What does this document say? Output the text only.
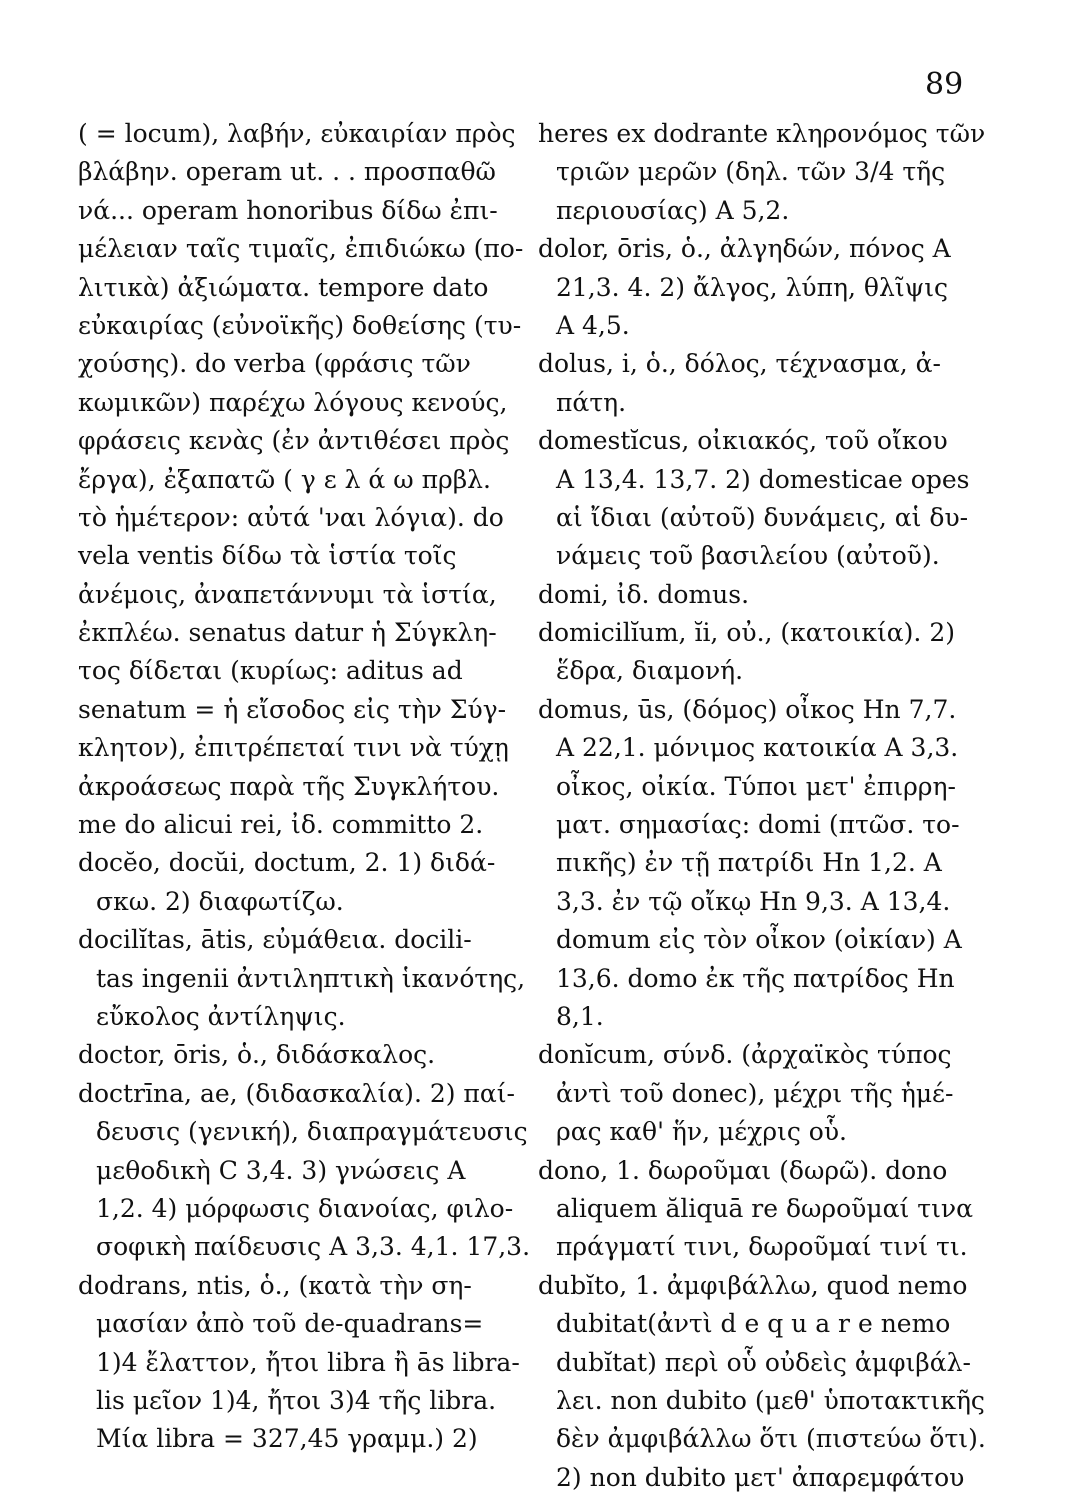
89
( = locum), λαβήν, εὐκαιρίαν πρὸς
βλάβην. operam ut. . . προσπαθῶ
νά... operam honoribus δίδω ἐπι-
μέλειαν ταῖς τιμαῖς, ἐπιδιώκω (πο-
λιτικὰ) ἀξιώματα. tempore dato
εὐκαιρίας (εὐνοϊκῆς) δοθείσης (τυ-
χούσης). do verba (φράσις τῶν
κωμικῶν) παρέχω λόγους κενούς,
φράσεις κενὰς (ἐν ἀντιθέσει πρὸς
ἔργα), ἐξαπατῶ ( γ ε λ ά ω πρβλ.
τὸ ἡμέτερον: αὐτά 'ναι λόγια). do
vela ventis δίδω τὰ ἱστία τοῖς
ἀνέμοις, ἀναπετάννυμι τὰ ἱστία,
ἐκπλέω. senatus datur ἡ Σύγκλη-
τος δίδεται (κυρίως: aditus ad
senatum = ἡ εἴσοδος εἰς τὴν Σύγ-
κλητον), ἐπιτρέπεταί τινι νὰ τύχῃ
ἀκροάσεως παρὰ τῆς Συγκλήτου.
me do alicui rei, ἰδ. committo 2.
docĕo, docŭi, doctum, 2. 1) διδά-
σκω. 2) διαφωτίζω.
docilĭtas, ātis, εὐμάθεια. docili-
tas ingenii ἀντιληπτικὴ ἱκανότης,
εὔκολος ἀντίληψις.
doctor, ōris, ὁ., διδάσκαλος.
doctrīna, ae, (διδασκαλία). 2) παί-
δευσις (γενική), διαπραγμάτευσις
μεθοδικὴ C 3,4. 3) γνώσεις A
1,2. 4) μόρφωσις διανοίας, φιλο-
σοφικὴ παίδευσις A 3,3. 4,1. 17,3.
dodrans, ntis, ὁ., (κατὰ τὴν ση-
μασίαν ἀπὸ τοῦ de-quadrans=
1)4 ἔλαττον, ἤτοι libra ἢ ās libra-
lis μεῖον 1)4, ἤτοι 3)4 τῆς libra.
Μία libra = 327,45 γραμμ.) 2)
heres ex dodrante κληρονόμος τῶν
τριῶν μερῶν (δηλ. τῶν 3/4 τῆς
περιουσίας) A 5,2.
dolor, ōris, ὁ., ἀλγηδών, πόνος A
21,3. 4. 2) ἄλγος, λύπη, θλῖψις
A 4,5.
dolus, i, ὁ., δόλος, τέχνασμα, ἀ-
πάτη.
domestĭcus, οἰκιακός, τοῦ οἴκου
A 13,4. 13,7. 2) domesticae opes
αἱ ἴδιαι (αὐτοῦ) δυνάμεις, αἱ δυ-
νάμεις τοῦ βασιλείου (αὐτοῦ).
domi, ἰδ. domus.
domicilĭum, ĭi, οὐ., (κατοικία). 2)
ἕδρα, διαμονή.
domus, ūs, (δόμος) οἶκος Hn 7,7.
A 22,1. μόνιμος κατοικία A 3,3.
οἶκος, οἰκία. Τύποι μετ' ἐπιρρη-
ματ. σημασίας: domi (πτῶσ. το-
πικῆς) ἐν τῇ πατρίδι Hn 1,2. A
3,3. ἐν τῷ οἴκῳ Hn 9,3. A 13,4.
domum εἰς τὸν οἶκον (οἰκίαν) A
13,6. domo ἐκ τῆς πατρίδος Hn
8,1.
donĭcum, σύνδ. (ἀρχαϊκὸς τύπος
ἀντὶ τοῦ donec), μέχρι τῆς ἡμέ-
ρας καθ' ἥν, μέχρις οὗ.
dono, 1. δωροῦμαι (δωρῶ). dono
aliquem ăliquā re δωροῦμαί τινα
πράγματί τινι, δωροῦμαί τινί τι.
dubĭto, 1. ἀμφιβάλλω, quod nemo
dubitat(ἀντὶ d e q u a r e nemo
dubĭtat) περὶ οὗ οὐδεὶς ἀμφιβάλ-
λει. non dubito (μεθ' ὑποτακτικῆς
δὲν ἀμφιβάλλω ὅτι (πιστεύω ὅτι).
2) non dubito μετ' ἀπαρεμφάτου
